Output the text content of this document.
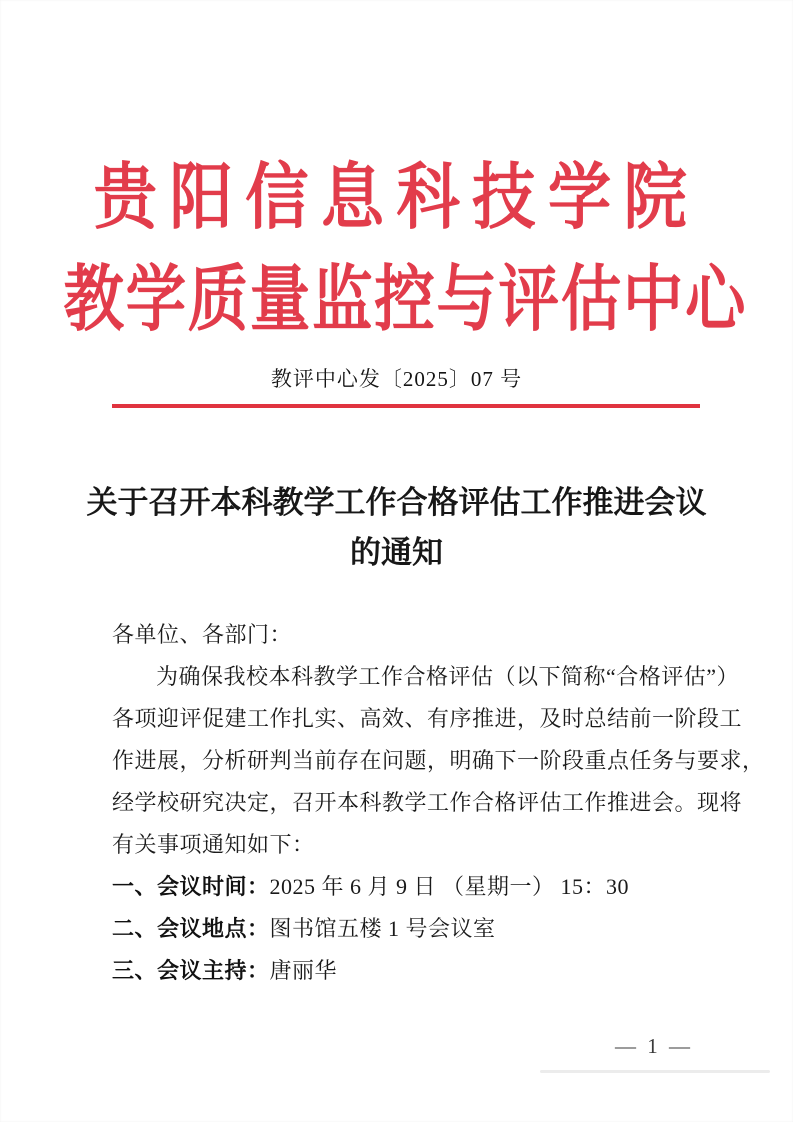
贵阳信息科技学院
教学质量监控与评估中心
教评中心发〔2025〕07 号
关于召开本科教学工作合格评估工作推进会议
的通知
各单位、各部门：
为确保我校本科教学工作合格评估（以下简称“合格评估”）
各项迎评促建工作扎实、高效、有序推进，及时总结前一阶段工
作进展，分析研判当前存在问题，明确下一阶段重点任务与要求，
经学校研究决定，召开本科教学工作合格评估工作推进会。现将
有关事项通知如下：
一、会议时间：2025 年 6 月 9 日 （星期一） 15：30
二、会议地点：图书馆五楼 1 号会议室
三、会议主持：唐丽华
— 1 —
